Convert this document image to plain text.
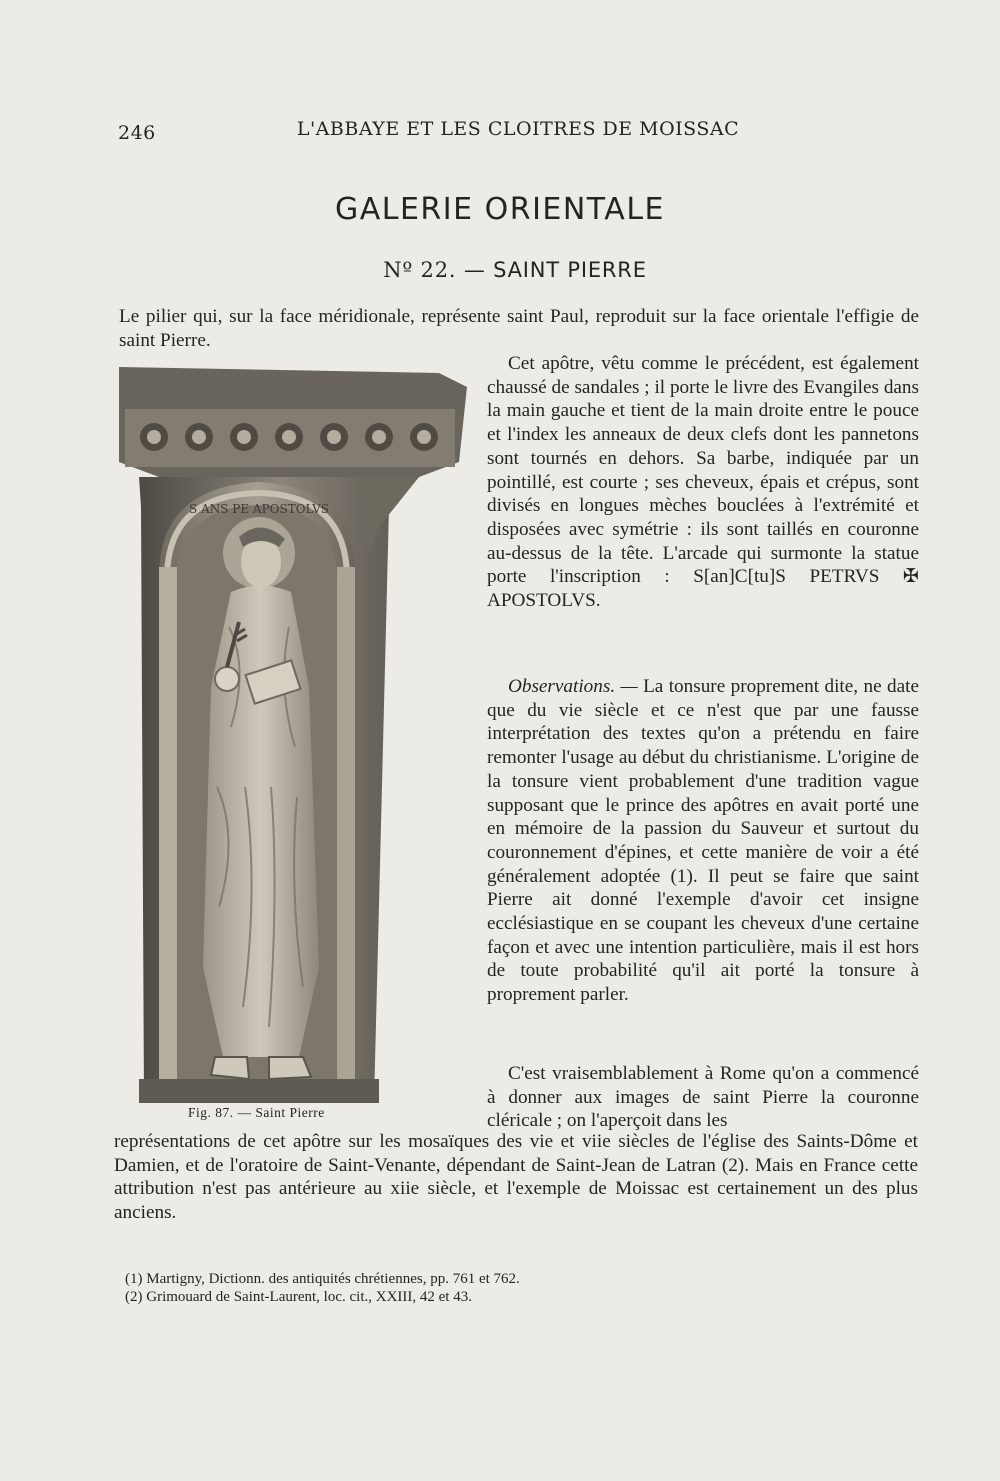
246	L'ABBAYE ET LES CLOITRES DE MOISSAC
GALERIE ORIENTALE
Nº 22. — SAINT PIERRE

Le pilier qui, sur la face méridionale, représente saint Paul, reproduit sur la face orientale l'effigie de saint Pierre.

S ANS PE APOSTOLVS
Fig. 87. — Saint Pierre

Cet apôtre, vêtu comme le précédent, est également chaussé de sandales ; il porte le livre des Evangiles dans la main gauche et tient de la main droite entre le pouce et l'index les anneaux de deux clefs dont les pannetons sont tournés en dehors. Sa barbe, indiquée par un pointillé, est courte ; ses cheveux, épais et crépus, sont divisés en longues mèches bouclées à l'extrémité et disposées avec symétrie : ils sont taillés en couronne au-dessus de la tête. L'arcade qui surmonte la statue porte l'inscription : S[an]C[tu]S PETRVS ✠ APOSTOLVS.

Observations. — La tonsure proprement dite, ne date que du vie siècle et ce n'est que par une fausse interprétation des textes qu'on a prétendu en faire remonter l'usage au début du christianisme. L'origine de la tonsure vient probablement d'une tradition vague supposant que le prince des apôtres en avait porté une en mémoire de la passion du Sauveur et surtout du couronnement d'épines, et cette manière de voir a été généralement adoptée (1). Il peut se faire que saint Pierre ait donné l'exemple d'avoir cet insigne ecclésiastique en se coupant les cheveux d'une certaine façon et avec une intention particulière, mais il est hors de toute probabilité qu'il ait porté la tonsure à proprement parler.

C'est vraisemblablement à Rome qu'on a commencé à donner aux images de saint Pierre la couronne cléricale ; on l'aperçoit dans les

représentations de cet apôtre sur les mosaïques des vie et viie siècles de l'église des Saints-Dôme et Damien, et de l'oratoire de Saint-Venante, dépendant de Saint-Jean de Latran (2). Mais en France cette attribution n'est pas antérieure au xiie siècle, et l'exemple de Moissac est certainement un des plus anciens.

(1) Martigny, Dictionn. des antiquités chrétiennes, pp. 761 et 762.
(2) Grimouard de Saint-Laurent, loc. cit., XXIII, 42 et 43.
